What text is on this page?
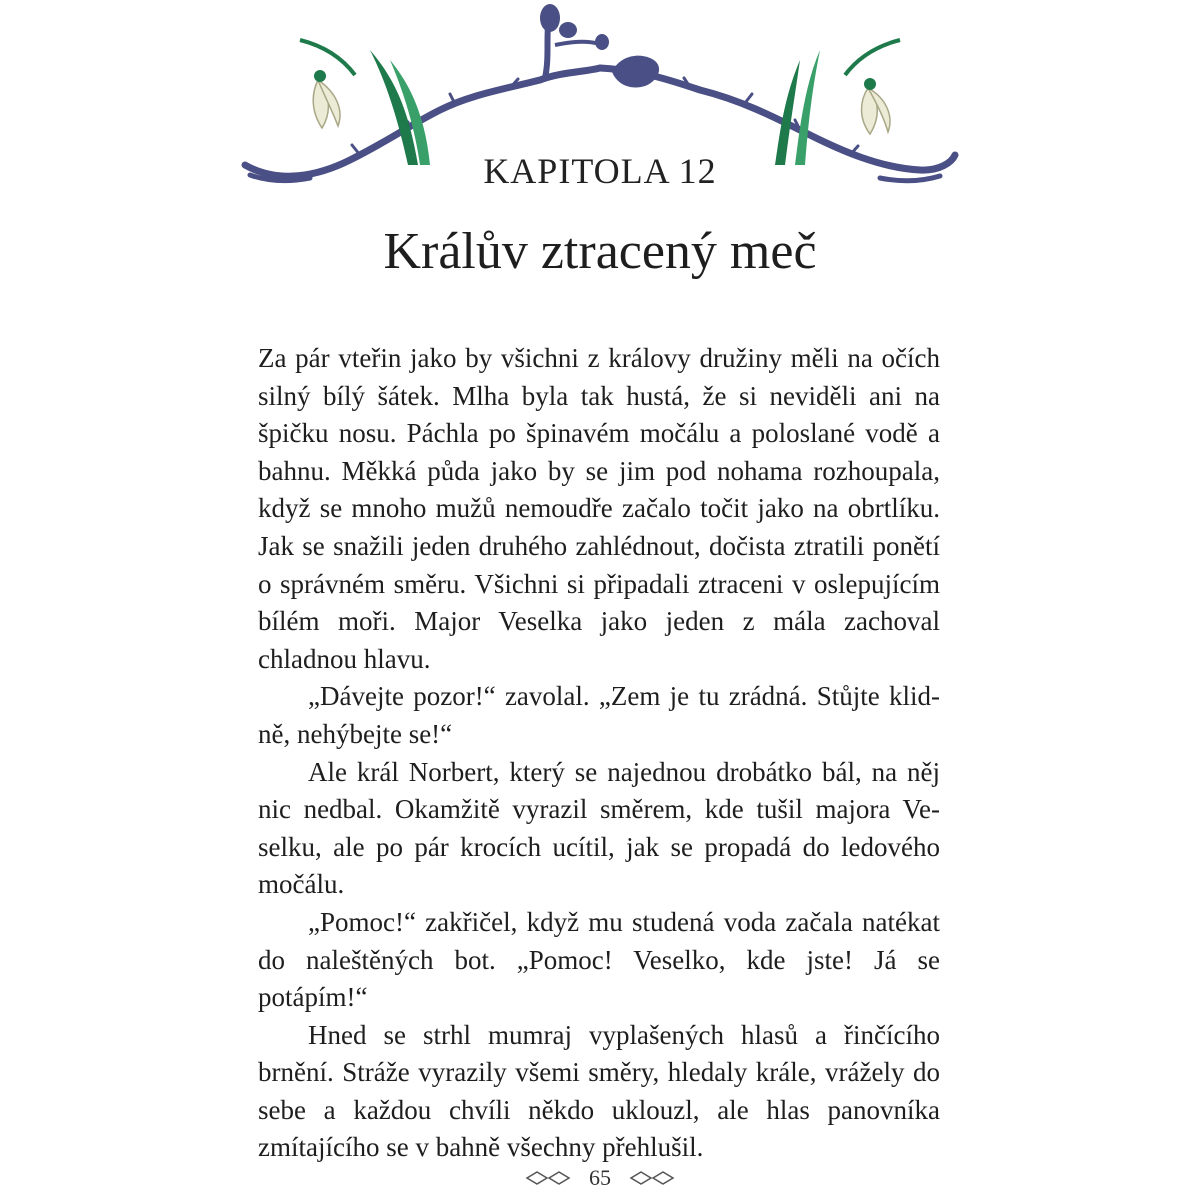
KAPITOLA 12
Králův ztracený meč

Za pár vteřin jako by všichni z královy družiny měli na očích silný bílý šátek. Mlha byla tak hustá, že si neviděli ani na špičku nosu. Páchla po špinavém močálu a poloslané vodě a bahnu. Měkká půda jako by se jim pod nohama rozhoupala, když se mnoho mužů nemoudře začalo točit jako na obrtlíku. Jak se snažili jeden druhého zahlédnout, dočista ztratili ponětí o správném směru. Všichni si připadali ztraceni v oslepujícím bílém moři. Major Veselka jako jeden z mála zachoval chladnou hlavu.

„Dávejte pozor!“ zavolal. „Zem je tu zrádná. Stůjte klidně, nehýbejte se!“

Ale král Norbert, který se najednou drobátko bál, na něj nic nedbal. Okamžitě vyrazil směrem, kde tušil majora Veselku, ale po pár krocích ucítil, jak se propadá do ledového močálu.

„Pomoc!“ zakřičel, když mu studená voda začala natékat do naleštěných bot. „Pomoc! Veselko, kde jste! Já se potápím!“

Hned se strhl mumraj vyplašených hlasů a řinčícího brnění. Stráže vyrazily všemi směry, hledaly krále, vrážely do sebe a každou chvíli někdo uklouzl, ale hlas panovníka zmítajícího se v bahně všechny přehlušil.

65
